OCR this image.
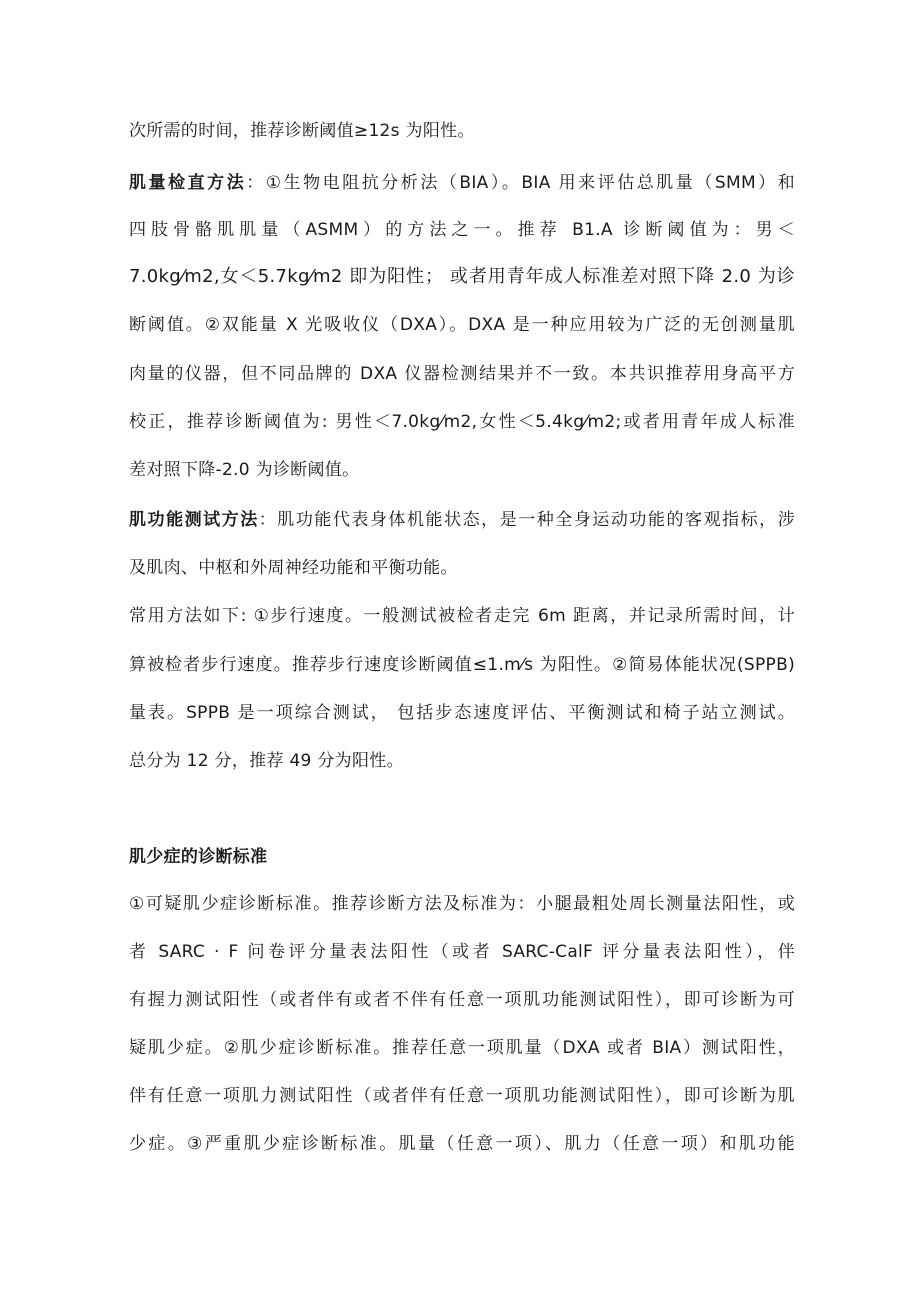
次所需的时间，推荐诊断阈值≥12s 为阳性。
肌量检直方法：①生物电阻抗分析法（BIA）。BIA 用来评估总肌量（SMM）和
四肢骨骼肌肌量（ASMM）的方法之一。推荐 B1.A 诊断阈值为：男＜
7.0kg⁄m2,女＜5.7kg⁄m2 即为阳性； 或者用青年成人标准差对照下降 2.0 为诊
断阈值。②双能量 X 光吸收仪（DXA）。DXA 是一种应用较为广泛的无创测量肌
肉量的仪器，但不同品牌的 DXA 仪器检测结果并不一致。本共识推荐用身高平方
校正，推荐诊断阈值为: 男性＜7.0kg⁄m2,女性＜5.4kg⁄m2;或者用青年成人标准
差对照下降-2.0 为诊断阈值。
肌功能测试方法：肌功能代表身体机能状态，是一种全身运动功能的客观指标，涉
及肌肉、中枢和外周神经功能和平衡功能。
常用方法如下: ①步行速度。一般测试被检者走完 6m 距离，并记录所需时间，计
算被检者步行速度。推荐步行速度诊断阈值≤1.m⁄s 为阳性。②简易体能状况(SPPB)
量表。SPPB 是一项综合测试， 包括步态速度评估、平衡测试和椅子站立测试。
总分为 12 分，推荐 49 分为阳性。
肌少症的诊断标准
①可疑肌少症诊断标准。推荐诊断方法及标准为：小腿最粗处周长测量法阳性，或
者 SARC · F 问卷评分量表法阳性（或者 SARC-CalF 评分量表法阳性），伴
有握力测试阳性（或者伴有或者不伴有任意一项肌功能测试阳性），即可诊断为可
疑肌少症。②肌少症诊断标准。推荐任意一项肌量（DXA 或者 BIA）测试阳性，
伴有任意一项肌力测试阳性（或者伴有任意一项肌功能测试阳性），即可诊断为肌
少症。③严重肌少症诊断标准。肌量（任意一项）、肌力（任意一项）和肌功能
